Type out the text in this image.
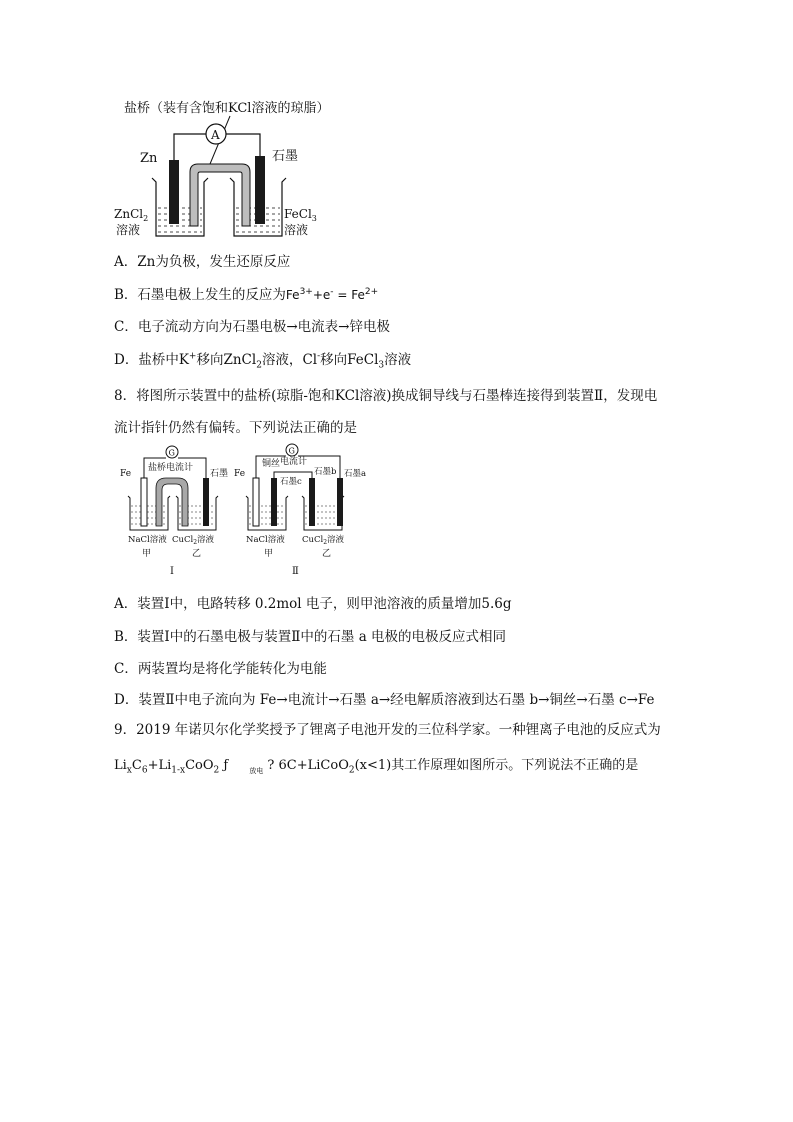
盐桥（装有含饱和KCl溶液的琼脂）
A
Zn	石墨
ZnCl$_2$
溶液
FeCl$_3$
溶液
A．Zn为负极，发生还原反应
B．石墨电极上发生的反应为$Fe^{3+}+e^- = Fe^{2+}$
C．电子流动方向为石墨电极→电流表→锌电极
D．盐桥中K+移向ZnCl$_2$溶液，Cl-移向FeCl$_3$溶液
8．将图所示装置中的盐桥(琼脂-饱和KCl溶液)换成铜导线与石墨棒连接得到装置Ⅱ，发现电
流计指针仍然有偏转。下列说法正确的是
G
盐桥电流计
Fe	石墨
NaCl溶液 CuCl$_2$溶液
甲	乙
Ⅰ
G
电流计
铜丝
Fe
石墨c
石墨b 石墨a
NaCl溶液 CuCl$_2$溶液
甲	乙
Ⅱ
A．装置Ⅰ中，电路转移 0.2mol 电子，则甲池溶液的质量增加5.6g
B．装置Ⅰ中的石墨电极与装置Ⅱ中的石墨 a 电极的电极反应式相同
C．两装置均是将化学能转化为电能
D．装置Ⅱ中电子流向为 Fe→电流计→石墨 a→经电解质溶液到达石墨 b→铜丝→石墨 c→Fe
9．2019 年诺贝尔化学奖授予了锂离子电池开发的三位科学家。一种锂离子电池的反应式为
$Li_xC_6+Li_{1-x}CoO_2$ ƒ	$_{放电}$ ? 6C+LiCoO$_2$(x<1)其工作原理如图所示。下列说法不正确的是
